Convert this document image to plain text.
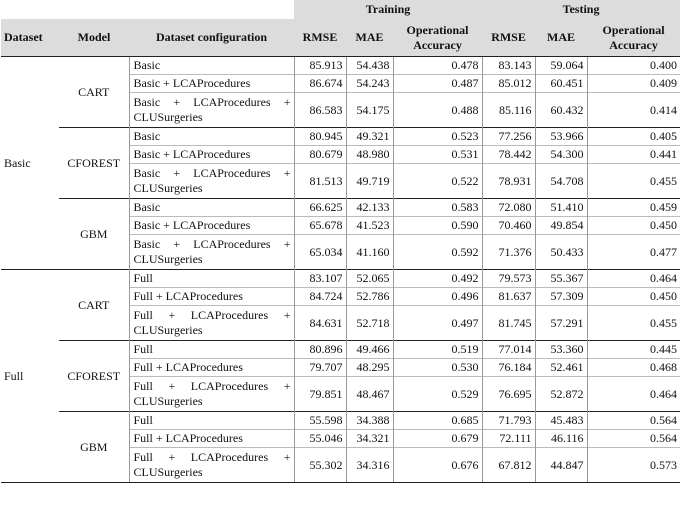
			Training			Testing		
Dataset	Model	Dataset configuration	RMSE	MAE	Operational Accuracy	RMSE	MAE	Operational Accuracy
Basic	CART	Basic	85.913	54.438	0.478	83.143	59.064	0.400
		Basic + LCAProcedures	86.674	54.243	0.487	85.012	60.451	0.409
		Basic + LCAProcedures + CLUSurgeries	86.583	54.175	0.488	85.116	60.432	0.414
	CFOREST	Basic	80.945	49.321	0.523	77.256	53.966	0.405
		Basic + LCAProcedures	80.679	48.980	0.531	78.442	54.300	0.441
		Basic + LCAProcedures + CLUSurgeries	81.513	49.719	0.522	78.931	54.708	0.455
	GBM	Basic	66.625	42.133	0.583	72.080	51.410	0.459
		Basic + LCAProcedures	65.678	41.523	0.590	70.460	49.854	0.450
		Basic + LCAProcedures + CLUSurgeries	65.034	41.160	0.592	71.376	50.433	0.477
Full	CART	Full	83.107	52.065	0.492	79.573	55.367	0.464
		Full + LCAProcedures	84.724	52.786	0.496	81.637	57.309	0.450
		Full + LCAProcedures + CLUSurgeries	84.631	52.718	0.497	81.745	57.291	0.455
	CFOREST	Full	80.896	49.466	0.519	77.014	53.360	0.445
		Full + LCAProcedures	79.707	48.295	0.530	76.184	52.461	0.468
		Full + LCAProcedures + CLUSurgeries	79.851	48.467	0.529	76.695	52.872	0.464
	GBM	Full	55.598	34.388	0.685	71.793	45.483	0.564
		Full + LCAProcedures	55.046	34.321	0.679	72.111	46.116	0.564
		Full + LCAProcedures + CLUSurgeries	55.302	34.316	0.676	67.812	44.847	0.573
